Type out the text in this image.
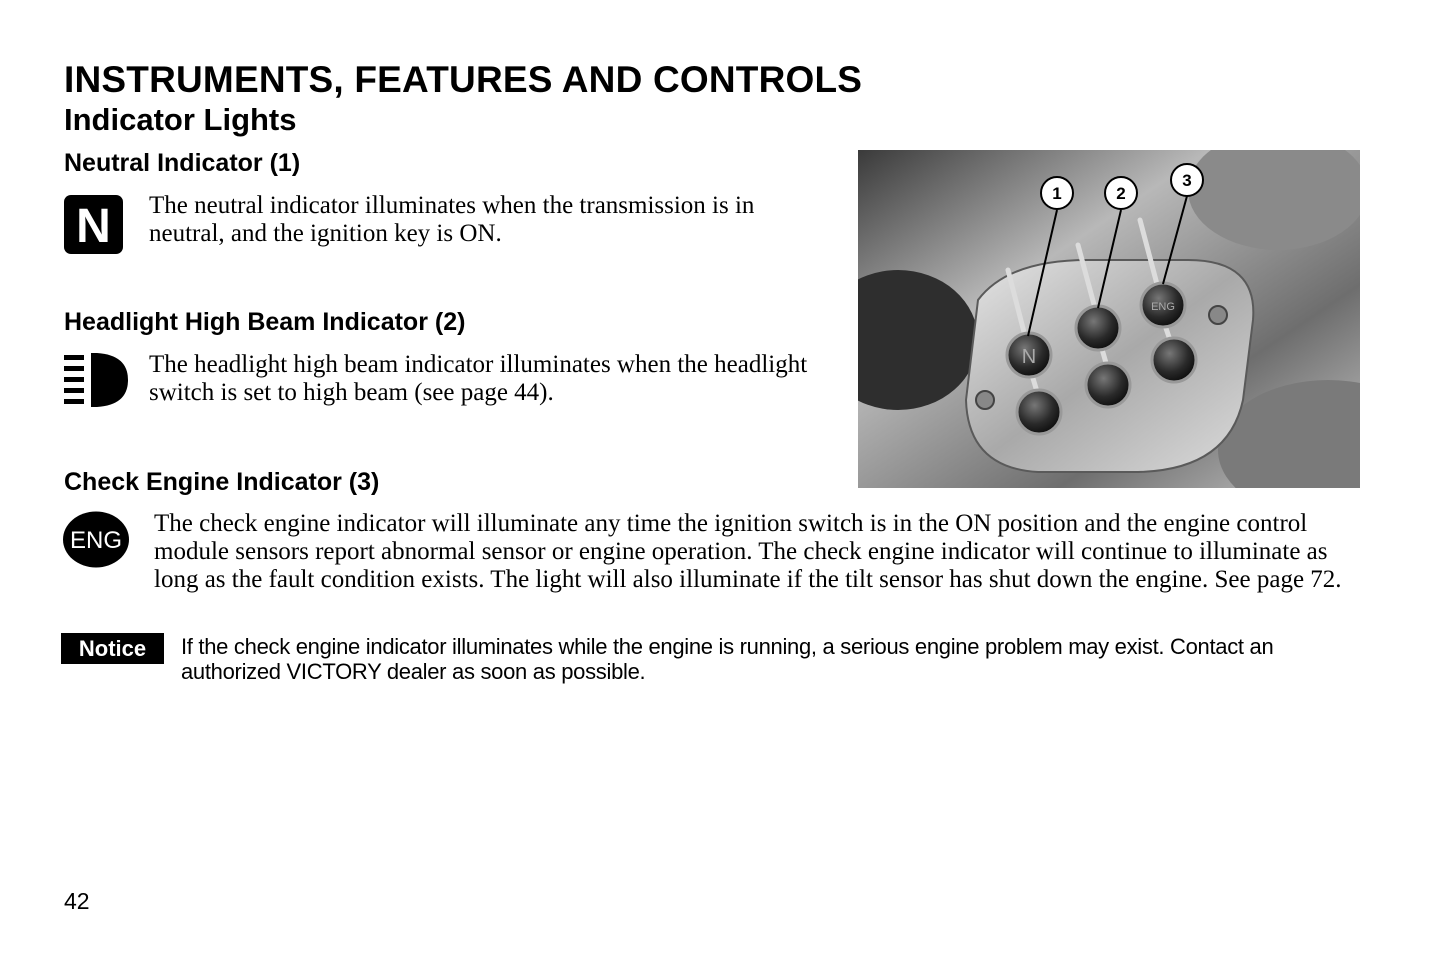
INSTRUMENTS, FEATURES AND CONTROLS
Indicator Lights
Neutral Indicator (1)
N The neutral indicator illuminates when the transmission is in neutral, and the ignition key is ON.

Headlight High Beam Indicator (2)

The headlight high beam indicator illuminates when the headlight switch is set to high beam (see page 44).

N
ENG
1	2
3
Check Engine Indicator (3)
ENG

The check engine indicator will illuminate any time the ignition switch is in the ON position and the engine control module sensors report abnormal sensor or engine operation. The check engine indicator will continue to illuminate as long as the fault condition exists. The light will also illuminate if the tilt sensor has shut down the engine. See page 72.

Notice	If the check engine indicator illuminates while the engine is running, a serious engine problem may exist. Contact an authorized VICTORY dealer as soon as possible.

42
